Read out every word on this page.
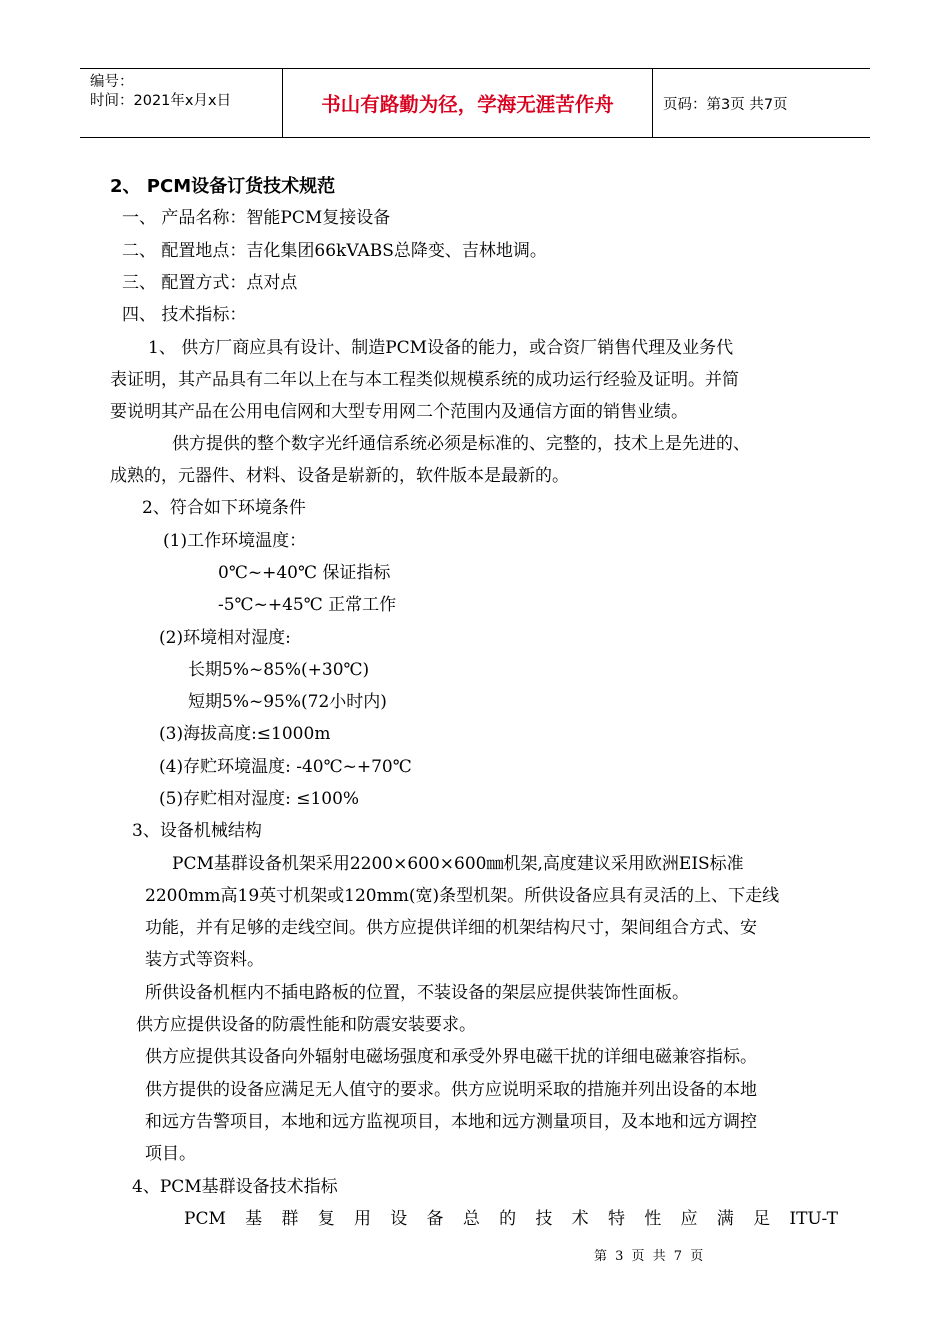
编号：
时间：2021年x月x日	书山有路勤为径，学海无涯苦作舟	页码：第3页 共7页
2、 PCM设备订货技术规范
一、 产品名称：智能PCM复接设备
二、 配置地点：吉化集团66kVABS总降变、吉林地调。
三、 配置方式：点对点
四、 技术指标：
1、 供方厂商应具有设计、制造PCM设备的能力，或合资厂销售代理及业务代
表证明，其产品具有二年以上在与本工程类似规模系统的成功运行经验及证明。并简
要说明其产品在公用电信网和大型专用网二个范围内及通信方面的销售业绩。
供方提供的整个数字光纤通信系统必须是标准的、完整的，技术上是先进的、
成熟的，元器件、材料、设备是崭新的，软件版本是最新的。
2、符合如下环境条件
(1)工作环境温度：
0℃~+40℃ 保证指标
-5℃~+45℃ 正常工作
(2)环境相对湿度:
长期5%~85%(+30℃)
短期5%~95%(72小时内)
(3)海拔高度:≤1000m
(4)存贮环境温度: -40℃~+70℃
(5)存贮相对湿度: ≤100%
3、设备机械结构
PCM基群设备机架采用2200×600×600㎜机架,高度建议采用欧洲EIS标准
2200mm高19英寸机架或120mm(宽)条型机架。所供设备应具有灵活的上、下走线
功能，并有足够的走线空间。供方应提供详细的机架结构尺寸，架间组合方式、安
装方式等资料。
所供设备机框内不插电路板的位置，不装设备的架层应提供装饰性面板。
供方应提供设备的防震性能和防震安装要求。
供方应提供其设备向外辐射电磁场强度和承受外界电磁干扰的详细电磁兼容指标。
供方提供的设备应满足无人值守的要求。供方应说明采取的措施并列出设备的本地
和远方告警项目，本地和远方监视项目，本地和远方测量项目，及本地和远方调控
项目。
4、PCM基群设备技术指标
PCM 基 群 复 用 设 备 总 的 技 术 特 性 应 满 足 ITU-T
第 3 页 共 7 页
